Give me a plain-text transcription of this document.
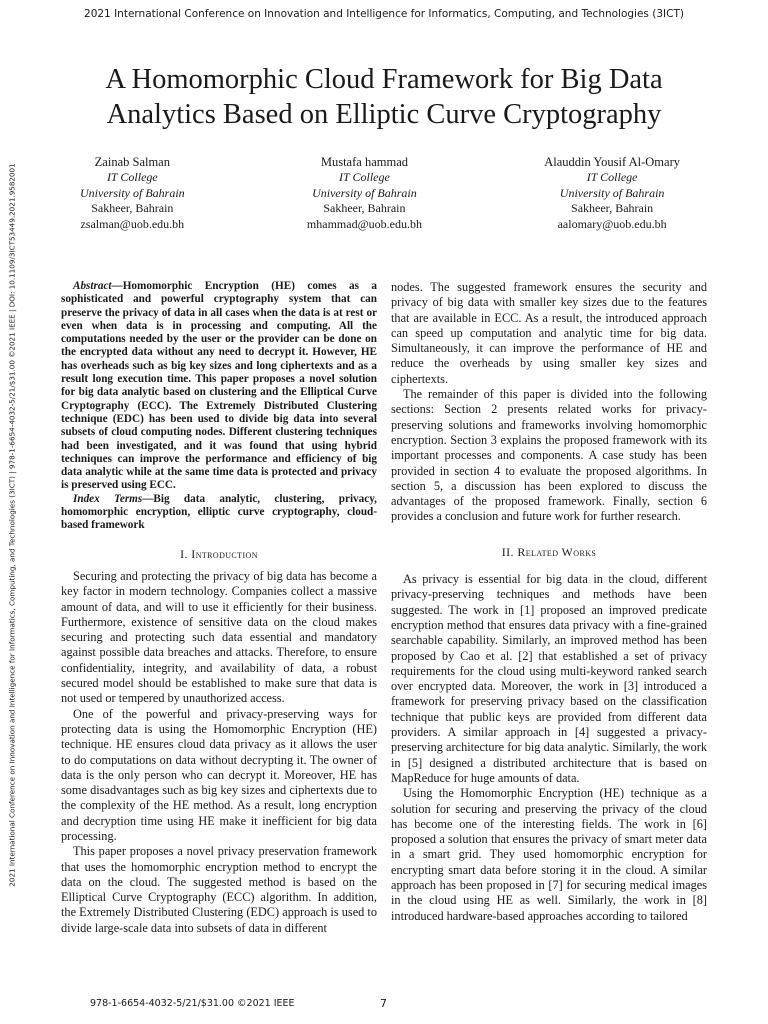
2021 International Conference on Innovation and Intelligence for Informatics, Computing, and Technologies (3ICT)
2021 International Conference on Innovation and Intelligence for Informatics, Computing, and Technologies (3ICT) | 978-1-6654-4032-5/21/$31.00 ©2021 IEEE | DOI: 10.1109/3ICT53449.2021.9582001
A Homomorphic Cloud Framework for Big Data
Analytics Based on Elliptic Curve Cryptography
Zainab Salman
IT College
University of Bahrain
Sakheer, Bahrain
zsalman@uob.edu.bh
Mustafa hammad
IT College
University of Bahrain
Sakheer, Bahrain
mhammad@uob.edu.bh
Alauddin Yousif Al-Omary
IT College
University of Bahrain
Sakheer, Bahrain
aalomary@uob.edu.bh

Abstract—Homomorphic Encryption (HE) comes as a sophisticated and powerful cryptography system that can preserve the privacy of data in all cases when the data is at rest or even when data is in processing and computing. All the computations needed by the user or the provider can be done on the encrypted data without any need to decrypt it. However, HE has overheads such as big key sizes and long ciphertexts and as a result long execution time. This paper proposes a novel solution for big data analytic based on clustering and the Elliptical Curve Cryptography (ECC). The Extremely Distributed Clustering technique (EDC) has been used to divide big data into several subsets of cloud computing nodes. Different clustering techniques had been investigated, and it was found that using hybrid techniques can improve the performance and efficiency of big data analytic while at the same time data is protected and privacy is preserved using ECC.

Index Terms—Big data analytic, clustering, privacy, homomorphic encryption, elliptic curve cryptography, cloud-based framework

I. Introduction

Securing and protecting the privacy of big data has become a key factor in modern technology. Companies collect a massive amount of data, and will to use it efficiently for their business. Furthermore, existence of sensitive data on the cloud makes securing and protecting such data essential and mandatory against possible data breaches and attacks. Therefore, to ensure confidentiality, integrity, and availability of data, a robust secured model should be established to make sure that data is not used or tempered by unauthorized access.

One of the powerful and privacy-preserving ways for protecting data is using the Homomorphic Encryption (HE) technique. HE ensures cloud data privacy as it allows the user to do computations on data without decrypting it. The owner of data is the only person who can decrypt it. Moreover, HE has some disadvantages such as big key sizes and ciphertexts due to the complexity of the HE method. As a result, long encryption and decryption time using HE make it inefficient for big data processing.

This paper proposes a novel privacy preservation framework that uses the homomorphic encryption method to encrypt the data on the cloud. The suggested method is based on the Elliptical Curve Cryptography (ECC) algorithm. In addition, the Extremely Distributed Clustering (EDC) approach is used to divide large-scale data into subsets of data in different

nodes. The suggested framework ensures the security and privacy of big data with smaller key sizes due to the features that are available in ECC. As a result, the introduced approach can speed up computation and analytic time for big data. Simultaneously, it can improve the performance of HE and reduce the overheads by using smaller key sizes and ciphertexts.

The remainder of this paper is divided into the following sections: Section 2 presents related works for privacy-preserving solutions and frameworks involving homomorphic encryption. Section 3 explains the proposed framework with its important processes and components. A case study has been provided in section 4 to evaluate the proposed algorithms. In section 5, a discussion has been explored to discuss the advantages of the proposed framework. Finally, section 6 provides a conclusion and future work for further research.

II. Related Works

As privacy is essential for big data in the cloud, different privacy-preserving techniques and methods have been suggested. The work in [1] proposed an improved predicate encryption method that ensures data privacy with a fine-grained searchable capability. Similarly, an improved method has been proposed by Cao et al. [2] that established a set of privacy requirements for the cloud using multi-keyword ranked search over encrypted data. Moreover, the work in [3] introduced a framework for preserving privacy based on the classification technique that public keys are provided from different data providers. A similar approach in [4] suggested a privacy-preserving architecture for big data analytic. Similarly, the work in [5] designed a distributed architecture that is based on MapReduce for huge amounts of data.

Using the Homomorphic Encryption (HE) technique as a solution for securing and preserving the privacy of the cloud has become one of the interesting fields. The work in [6] proposed a solution that ensures the privacy of smart meter data in a smart grid. They used homomorphic encryption for encrypting smart data before storing it in the cloud. A similar approach has been proposed in [7] for securing medical images in the cloud using HE as well. Similarly, the work in [8] introduced hardware-based approaches according to tailored

978-1-6654-4032-5/21/$31.00 ©2021 IEEE	7
